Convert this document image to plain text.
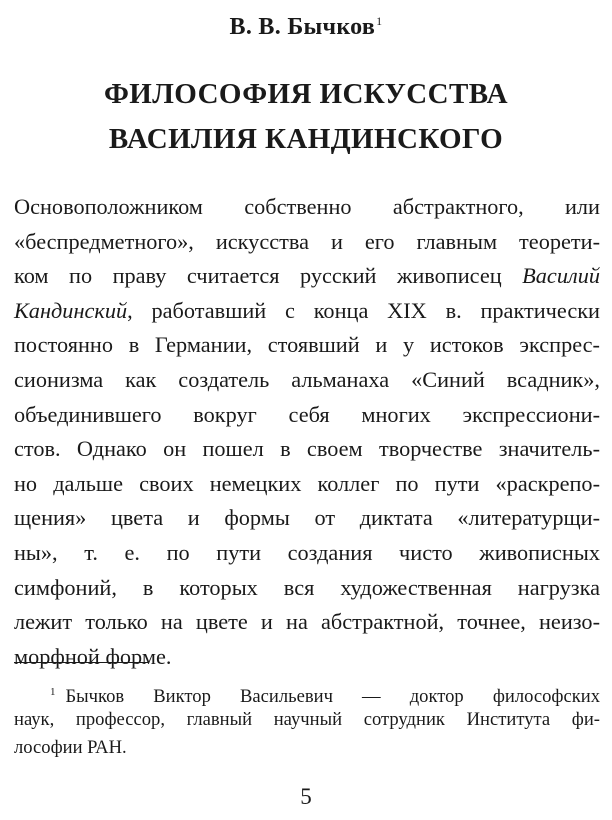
В. В. Бычков$^1$
ФИЛОСОФИЯ ИСКУССТВА
ВАСИЛИЯ КАНДИНСКОГО
Основоположником собственно абстрактного, или
«беспредметного», искусства и его главным теорети-
ком по праву считается русский живописец Василий
Кандинский, работавший с конца XIX в. практически
постоянно в Германии, стоявший и у истоков экспрес-
сионизма как создатель альманаха «Синий всадник»,
объединившего вокруг себя многих экспрессиони-
стов. Однако он пошел в своем творчестве значитель-
но дальше своих немецких коллег по пути «раскрепо-
щения» цвета и формы от диктата «литературщи-
ны», т. е. по пути создания чисто живописных
симфоний, в которых вся художественная нагрузка
лежит только на цвете и на абстрактной, точнее, неизо-
морфной форме.
$^1$ Бычков Виктор Васильевич — доктор философских
наук, профессор, главный научный сотрудник Института фи-
лософии РАН.
5
